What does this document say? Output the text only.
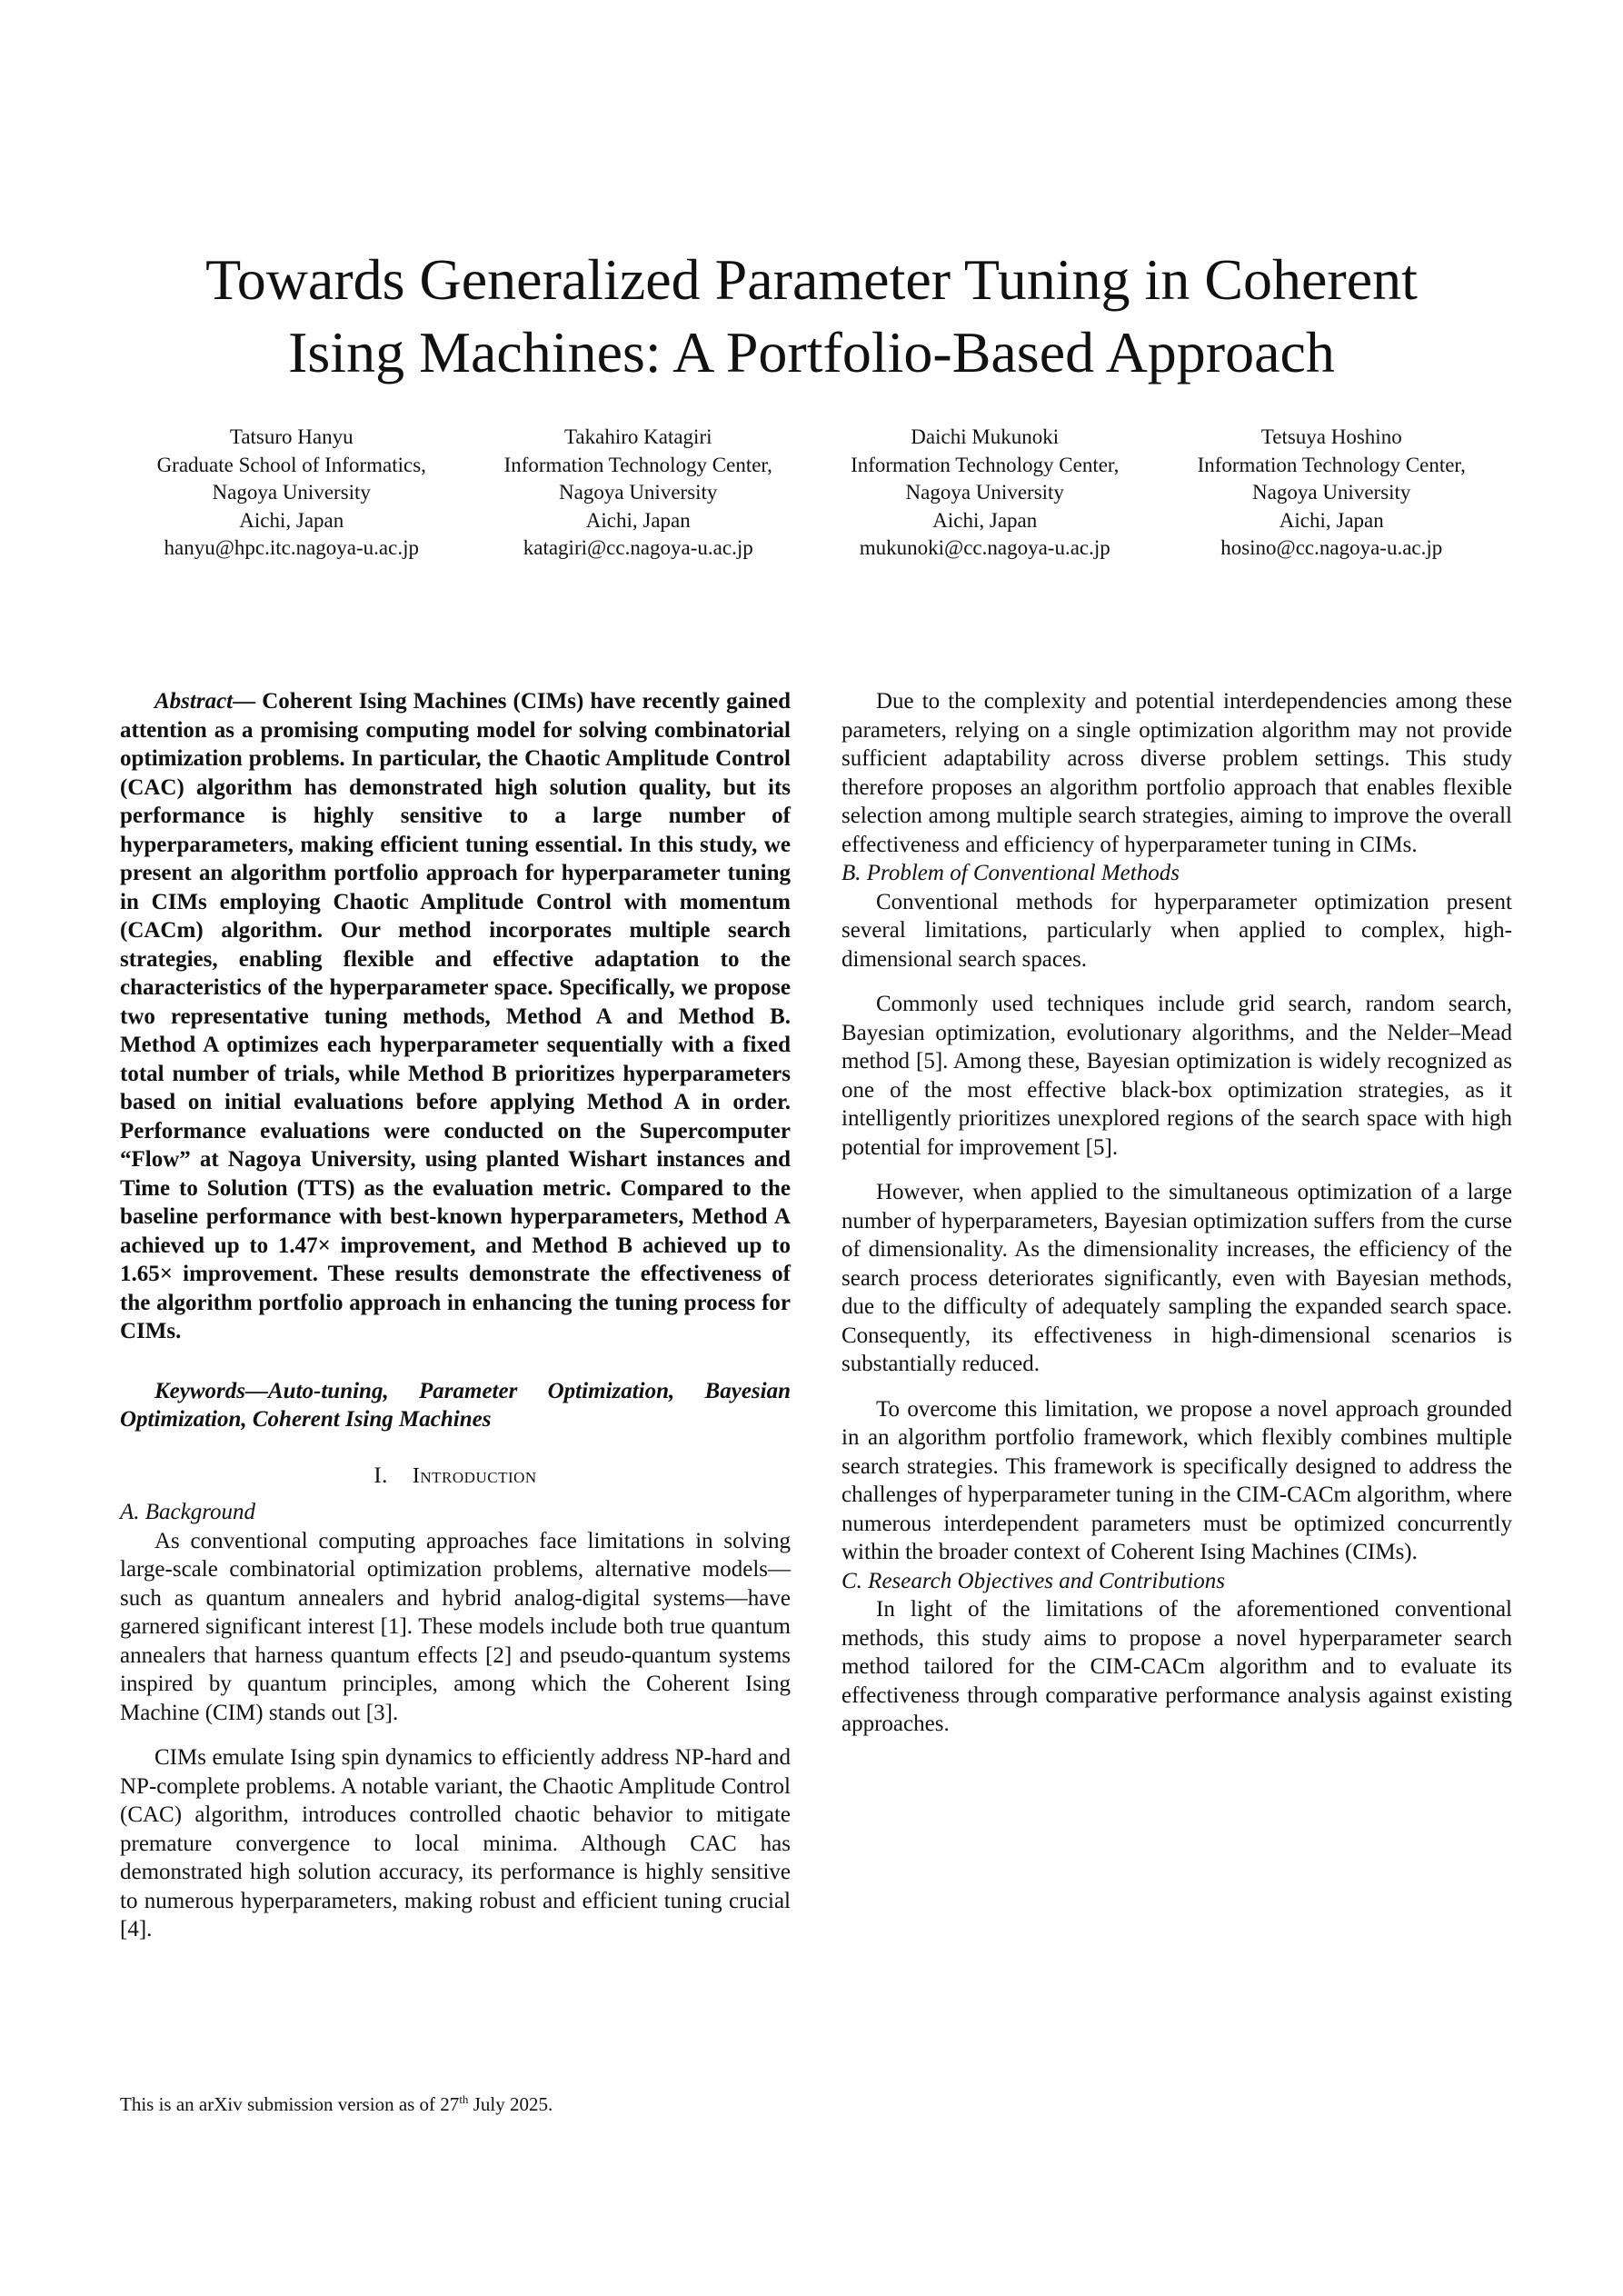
Towards Generalized Parameter Tuning in Coherent
Ising Machines: A Portfolio-Based Approach
Tatsuro Hanyu
Graduate School of Informatics,
Nagoya University
Aichi, Japan
hanyu@hpc.itc.nagoya-u.ac.jp
Takahiro Katagiri
Information Technology Center,
Nagoya University
Aichi, Japan
katagiri@cc.nagoya-u.ac.jp
Daichi Mukunoki
Information Technology Center,
Nagoya University
Aichi, Japan
mukunoki@cc.nagoya-u.ac.jp
Tetsuya Hoshino
Information Technology Center,
Nagoya University
Aichi, Japan
hosino@cc.nagoya-u.ac.jp

Abstract— Coherent Ising Machines (CIMs) have recently gained attention as a promising computing model for solving combinatorial optimization problems. In particular, the Chaotic Amplitude Control (CAC) algorithm has demonstrated high solution quality, but its performance is highly sensitive to a large number of hyperparameters, making efficient tuning essential. In this study, we present an algorithm portfolio approach for hyperparameter tuning in CIMs employing Chaotic Amplitude Control with momentum (CACm) algorithm. Our method incorporates multiple search strategies, enabling flexible and effective adaptation to the characteristics of the hyperparameter space. Specifically, we propose two representative tuning methods, Method A and Method B. Method A optimizes each hyperparameter sequentially with a fixed total number of trials, while Method B prioritizes hyperparameters based on initial evaluations before applying Method A in order. Performance evaluations were conducted on the Supercomputer “Flow” at Nagoya University, using planted Wishart instances and Time to Solution (TTS) as the evaluation metric. Compared to the baseline performance with best-known hyperparameters, Method A achieved up to 1.47× improvement, and Method B achieved up to 1.65× improvement. These results demonstrate the effectiveness of the algorithm portfolio approach in enhancing the tuning process for CIMs.

Keywords—Auto-tuning, Parameter Optimization, Bayesian Optimization, Coherent Ising Machines

I. Introduction

A. Background

As conventional computing approaches face limitations in solving large-scale combinatorial optimization problems, alternative models—such as quantum annealers and hybrid analog-digital systems—have garnered significant interest [1]. These models include both true quantum annealers that harness quantum effects [2] and pseudo-quantum systems inspired by quantum principles, among which the Coherent Ising Machine (CIM) stands out [3].

CIMs emulate Ising spin dynamics to efficiently address NP-hard and NP-complete problems. A notable variant, the Chaotic Amplitude Control (CAC) algorithm, introduces controlled chaotic behavior to mitigate premature convergence to local minima. Although CAC has demonstrated high solution accuracy, its performance is highly sensitive to numerous hyperparameters, making robust and efficient tuning crucial [4].

Due to the complexity and potential interdependencies among these parameters, relying on a single optimization algorithm may not provide sufficient adaptability across diverse problem settings. This study therefore proposes an algorithm portfolio approach that enables flexible selection among multiple search strategies, aiming to improve the overall effectiveness and efficiency of hyperparameter tuning in CIMs.

B. Problem of Conventional Methods

Conventional methods for hyperparameter optimization present several limitations, particularly when applied to complex, high-dimensional search spaces.

Commonly used techniques include grid search, random search, Bayesian optimization, evolutionary algorithms, and the Nelder–Mead method [5]. Among these, Bayesian optimization is widely recognized as one of the most effective black-box optimization strategies, as it intelligently prioritizes unexplored regions of the search space with high potential for improvement [5].

However, when applied to the simultaneous optimization of a large number of hyperparameters, Bayesian optimization suffers from the curse of dimensionality. As the dimensionality increases, the efficiency of the search process deteriorates significantly, even with Bayesian methods, due to the difficulty of adequately sampling the expanded search space. Consequently, its effectiveness in high-dimensional scenarios is substantially reduced.

To overcome this limitation, we propose a novel approach grounded in an algorithm portfolio framework, which flexibly combines multiple search strategies. This framework is specifically designed to address the challenges of hyperparameter tuning in the CIM-CACm algorithm, where numerous interdependent parameters must be optimized concurrently within the broader context of Coherent Ising Machines (CIMs).

C. Research Objectives and Contributions

In light of the limitations of the aforementioned conventional methods, this study aims to propose a novel hyperparameter search method tailored for the CIM-CACm algorithm and to evaluate its effectiveness through comparative performance analysis against existing approaches.

This is an arXiv submission version as of 27th July 2025.
